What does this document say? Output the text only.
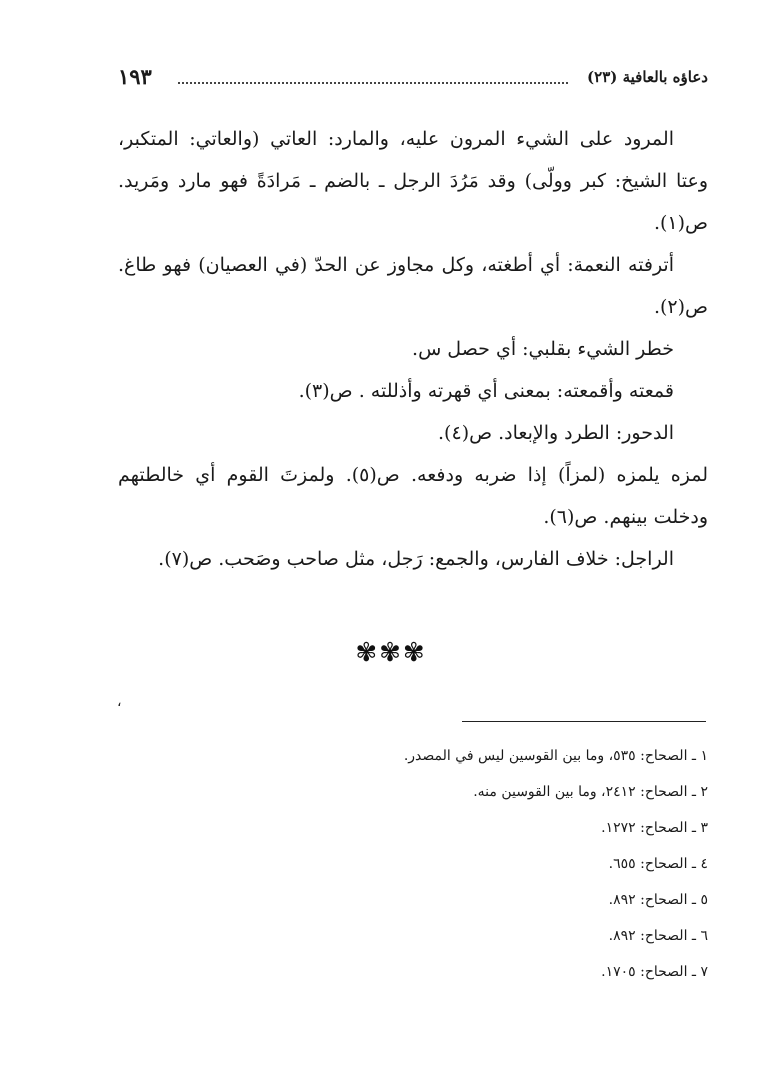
دعاؤه بالعافية (٢٣)
١٩٣

المرود على الشيء المرون عليه، والمارد: العاتي (والعاتي: المتكبر، وعتا الشيخ: كبر وولّى) وقد مَرُدَ الرجل ـ بالضم ـ مَرادَةً فهو مارد ومَريد. ص(١).

أترفته النعمة: أي أطغته، وكل مجاوز عن الحدّ (في العصيان) فهو طاغ. ص(٢).

خطر الشيء بقلبي: أي حصل س.

قمعته وأقمعته: بمعنى أي قهرته وأذللته . ص(٣).

الدحور: الطرد والإبعاد. ص(٤).

لمزه يلمزه (لمزاً) إذا ضربه ودفعه. ص(٥). ولمزتَ القوم أي خالطتهم ودخلت بينهم. ص(٦).

الراجل: خلاف الفارس، والجمع: رَجل، مثل صاحب وصَحب. ص(٧).

✾✾✾
،
١ ـ الصحاح: ٥٣٥، وما بين القوسين ليس في المصدر.
٢ ـ الصحاح: ٢٤١٢، وما بين القوسين منه.
٣ ـ الصحاح: ١٢٧٢.
٤ ـ الصحاح: ٦٥٥.
٥ ـ الصحاح: ٨٩٢.
٦ ـ الصحاح: ٨٩٢.
٧ ـ الصحاح: ١٧٠٥.
